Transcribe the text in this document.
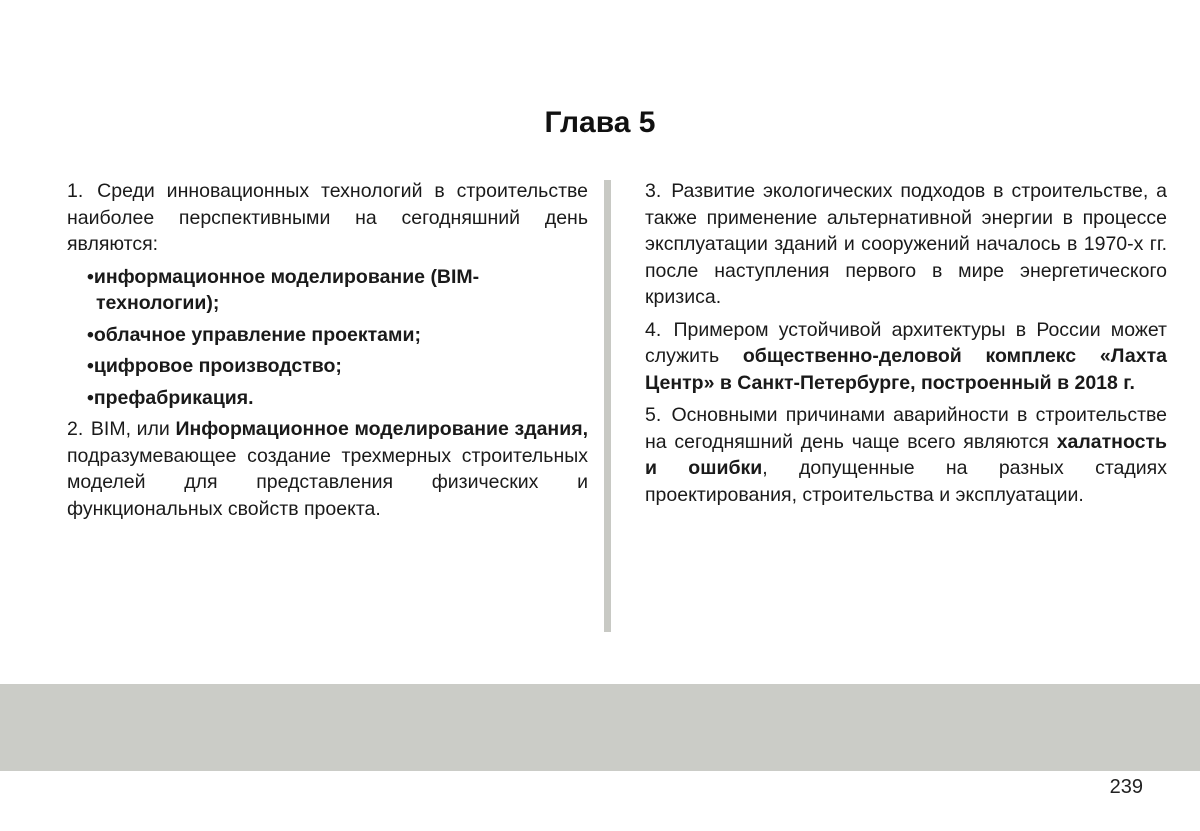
Глава 5

1. Среди инновационных технологий в строительстве наиболее перспективными на сегодняшний день являются:

•информационное моделирование (BIM-технологии);
•облачное управление проектами;
•цифровое производство;
•префабрикация.

2. BIM, или Информационное моделирование здания, подразумевающее создание трехмерных строительных моделей для представления физических и функциональных свойств проекта.

3. Развитие экологических подходов в строительстве, а также применение альтернативной энергии в процессе эксплуатации зданий и сооружений началось в 1970-х гг. после наступления первого в мире энергетического кризиса.

4. Примером устойчивой архитектуры в России может служить общественно-деловой комплекс «Лахта Центр» в Санкт-Петербурге, построенный в 2018 г.

5. Основными причинами аварийности в строительстве на сегодняшний день чаще всего являются халатность и ошибки, допущенные на разных стадиях проектирования, строительства и эксплуатации.

239
